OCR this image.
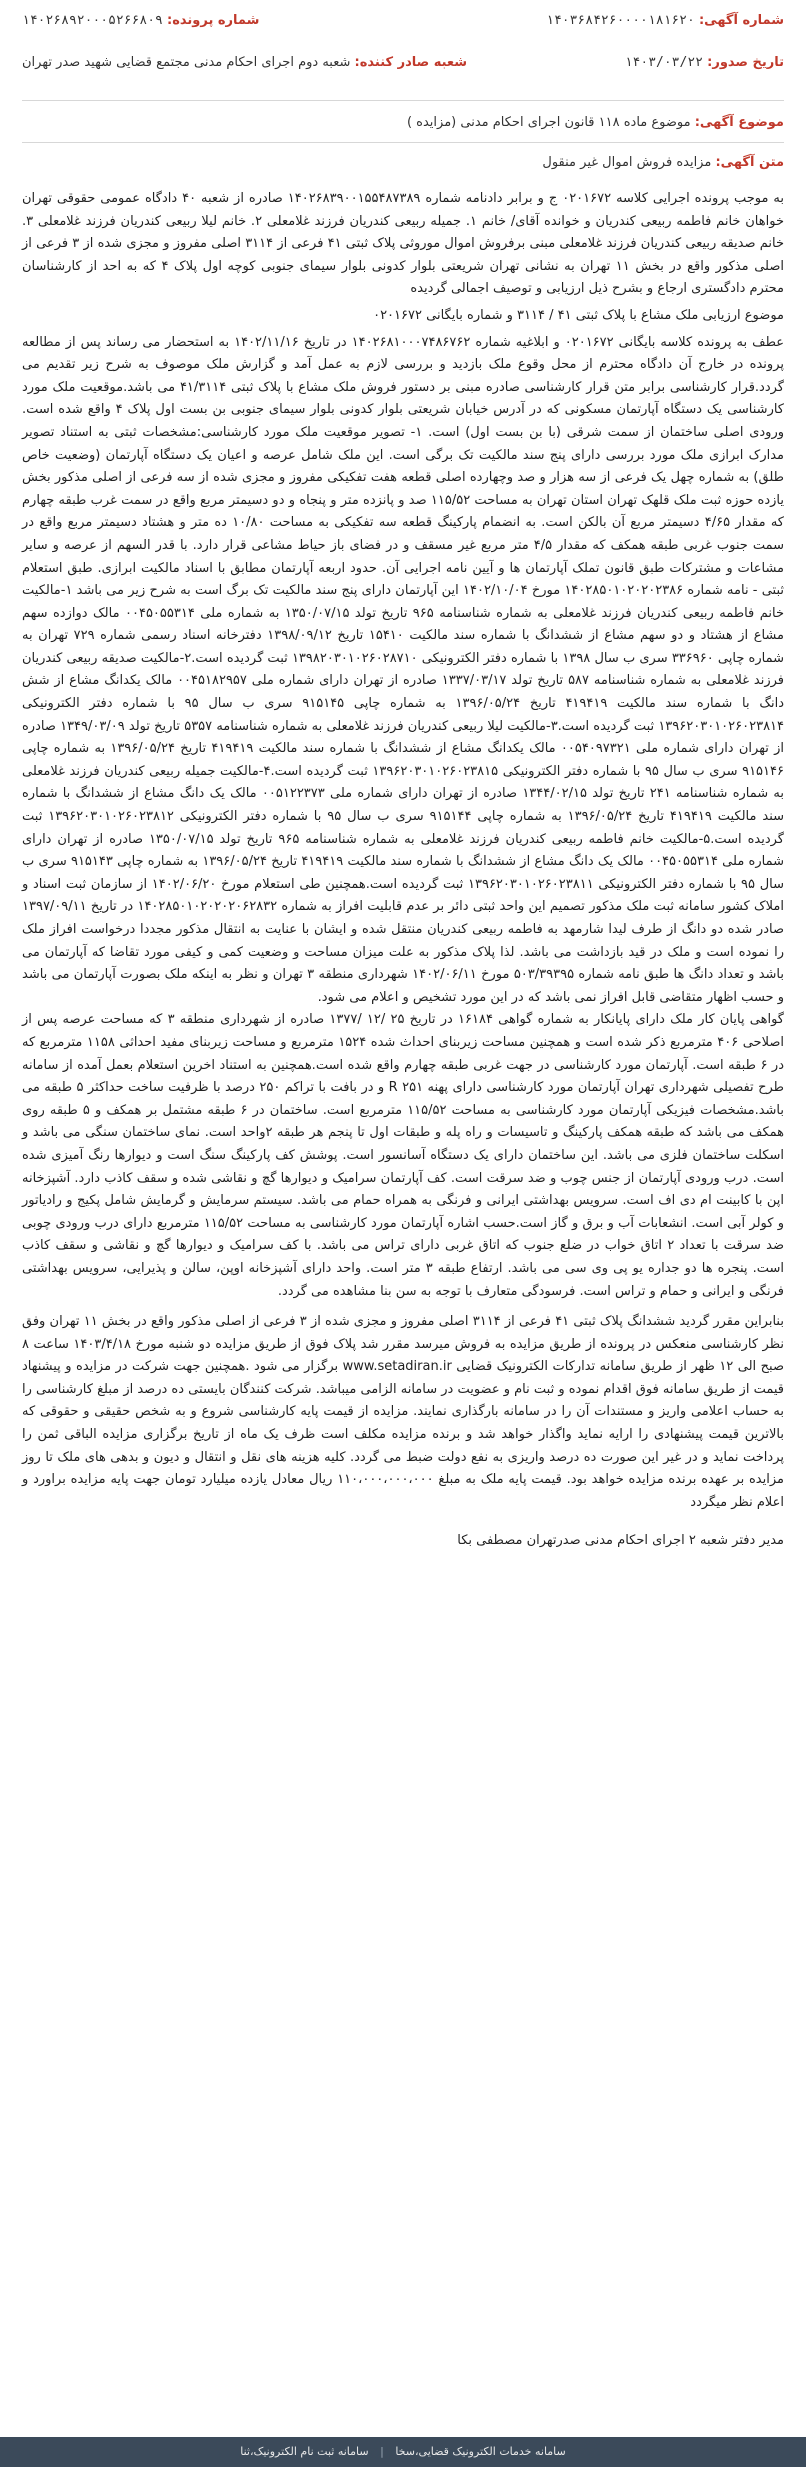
شماره آگهی: ۱۴۰۳۶۸۴۲۶۰۰۰۰۱۸۱۶۲۰
شماره پرونده: ۱۴۰۲۶۸۹۲۰۰۰۵۲۶۶۸۰۹
تاریخ صدور: ۱۴۰۳/۰۳/۲۲
شعبه صادر کننده: شعبه دوم اجرای احکام مدنی مجتمع قضایی شهید صدر تهران
موضوع آگهی: موضوع ماده ۱۱۸ قانون اجرای احکام مدنی (مزایده )
متن آگهی: مزایده فروش اموال غیر منقول

به موجب پرونده اجرایی کلاسه ۰۲۰۱۶۷۲ ج و برابر دادنامه شماره ۱۴۰۲۶۸۳۹۰۰۱۵۵۴۸۷۳۸۹ صادره از شعبه ۴۰ دادگاه عمومی حقوقی تهران خواهان خانم فاطمه ربیعی کندریان و خوانده آقای/ خانم ۱. جمیله ربیعی کندریان فرزند غلامعلی ۲. خانم لیلا ربیعی کندریان فرزند غلامعلی ۳. خانم صدیقه ربیعی کندریان فرزند غلامعلی مبنی برفروش اموال موروثی پلاک ثبتی ۴۱ فرعی از ۳۱۱۴ اصلی مفروز و مجزی شده از ۳ فرعی از اصلی مذکور واقع در بخش ۱۱ تهران به نشانی تهران شریعتی بلوار کدونی بلوار سیمای جنوبی کوچه اول پلاک ۴ که به احد از کارشناسان محترم دادگستری ارجاع و بشرح ذیل ارزیابی و توصیف اجمالی گردیده

موضوع ارزیابی ملک مشاع با پلاک ثبتی ۴۱ / ۳۱۱۴ و شماره بایگانی ۰۲۰۱۶۷۲

عطف به پرونده کلاسه بایگانی ۰۲۰۱۶۷۲ و ابلاغیه شماره ۱۴۰۲۶۸۱۰۰۰۷۴۸۶۷۶۲ در تاریخ ۱۴۰۲/۱۱/۱۶ به استحضار می رساند پس از مطالعه پرونده در خارج آن دادگاه محترم از محل وقوع ملک بازدید و بررسی لازم به عمل آمد و گزارش ملک موصوف به شرح زیر تقدیم می گردد.قرار کارشناسی برابر متن قرار کارشناسی صادره مبنی بر دستور فروش ملک مشاع با پلاک ثبتی ۴۱/۳۱۱۴ می باشد.موقعیت ملک مورد کارشناسی یک دستگاه آپارتمان مسکونی که در آدرس خیابان شریعتی بلوار کدونی بلوار سیمای جنوبی بن بست اول پلاک ۴ واقع شده است. ورودی اصلی ساختمان از سمت شرقی (با بن بست اول) است. ۱- تصویر موقعیت ملک مورد کارشناسی:مشخصات ثبتی به استناد تصویر مدارک ابرازی ملک مورد بررسی دارای پنج سند مالکیت تک برگی است. این ملک شامل عرصه و اعیان یک دستگاه آپارتمان (وضعیت خاص طلق) به شماره چهل یک فرعی از سه هزار و صد وچهارده اصلی قطعه هفت تفکیکی مفروز و مجزی شده از سه فرعی از اصلی مذکور بخش یازده حوزه ثبت ملک قلهک تهران استان تهران به مساحت ۱۱۵/۵۲ صد و پانزده متر و پنجاه و دو دسیمتر مربع واقع در سمت غرب طبقه چهارم که مقدار ۴/۶۵ دسیمتر مربع آن بالکن است. به انضمام پارکینگ قطعه سه تفکیکی به مساحت ۱۰/۸۰ ده متر و هشتاد دسیمتر مربع واقع در سمت جنوب غربی طبقه همکف که مقدار ۴/۵ متر مربع غیر مسقف و در فضای باز حیاط مشاعی قرار دارد. با قدر السهم از عرصه و سایر مشاعات و مشترکات طبق قانون تملک آپارتمان ها و آیین نامه اجرایی آن. حدود اربعه آپارتمان مطابق با اسناد مالکیت ابرازی. طبق استعلام ثبتی - نامه شماره ۱۴۰۲۸۵۰۱۰۲۰۲۰۲۳۸۶ مورخ ۱۴۰۲/۱۰/۰۴ این آپارتمان دارای پنج سند مالکیت تک برگ است به شرح زیر می باشد ۱-مالکیت خانم فاطمه ربیعی کندریان فرزند غلامعلی به شماره شناسنامه ۹۶۵ تاریخ تولد ۱۳۵۰/۰۷/۱۵ به شماره ملی ۰۰۴۵۰۵۵۳۱۴ مالک دوازده سهم مشاع از هشتاد و دو سهم مشاع از ششدانگ با شماره سند مالکیت ۱۵۴۱۰ تاریخ ۱۳۹۸/۰۹/۱۲ دفترخانه اسناد رسمی شماره ۷۲۹ تهران به شماره چاپی ۳۳۶۹۶۰ سری ب سال ۱۳۹۸ با شماره دفتر الکترونیکی ۱۳۹۸۲۰۳۰۱۰۲۶۰۲۸۷۱۰ ثبت گردیده است.۲-مالکیت صدیقه ربیعی کندریان فرزند غلامعلی به شماره شناسنامه ۵۸۷ تاریخ تولد ۱۳۳۷/۰۳/۱۷ صادره از تهران دارای شماره ملی ۰۰۴۵۱۸۲۹۵۷ مالک یکدانگ مشاع از شش دانگ با شماره سند مالکیت ۴۱۹۴۱۹ تاریخ ۱۳۹۶/۰۵/۲۴ به شماره چاپی ۹۱۵۱۴۵ سری ب سال ۹۵ با شماره دفتر الکترونیکی ۱۳۹۶۲۰۳۰۱۰۲۶۰۲۳۸۱۴ ثبت گردیده است.۳-مالکیت لیلا ربیعی کندریان فرزند غلامعلی به شماره شناسنامه ۵۳۵۷ تاریخ تولد ۱۳۴۹/۰۳/۰۹ صادره از تهران دارای شماره ملی ۰۰۵۴۰۹۷۳۲۱ مالک یکدانگ مشاع از ششدانگ با شماره سند مالکیت ۴۱۹۴۱۹ تاریخ ۱۳۹۶/۰۵/۲۴ به شماره چاپی ۹۱۵۱۴۶ سری ب سال ۹۵ با شماره دفتر الکترونیکی ۱۳۹۶۲۰۳۰۱۰۲۶۰۲۳۸۱۵ ثبت گردیده است.۴-مالکیت جمیله ربیعی کندریان فرزند غلامعلی به شماره شناسنامه ۲۴۱ تاریخ تولد ۱۳۴۴/۰۲/۱۵ صادره از تهران دارای شماره ملی ۰۰۵۱۲۲۳۷۳ مالک یک دانگ مشاع از ششدانگ با شماره سند مالکیت ۴۱۹۴۱۹ تاریخ ۱۳۹۶/۰۵/۲۴ به شماره چاپی ۹۱۵۱۴۴ سری ب سال ۹۵ با شماره دفتر الکترونیکی ۱۳۹۶۲۰۳۰۱۰۲۶۰۲۳۸۱۲ ثبت گردیده است.۵-مالکیت خانم فاطمه ربیعی کندریان فرزند غلامعلی به شماره شناسنامه ۹۶۵ تاریخ تولد ۱۳۵۰/۰۷/۱۵ صادره از تهران دارای شماره ملی ۰۰۴۵۰۵۵۳۱۴ مالک یک دانگ مشاع از ششدانگ با شماره سند مالکیت ۴۱۹۴۱۹ تاریخ ۱۳۹۶/۰۵/۲۴ به شماره چاپی ۹۱۵۱۴۳ سری ب سال ۹۵ با شماره دفتر الکترونیکی ۱۳۹۶۲۰۳۰۱۰۲۶۰۲۳۸۱۱ ثبت گردیده است.همچنین طی استعلام مورخ ۱۴۰۲/۰۶/۲۰ از سازمان ثبت اسناد و املاک کشور سامانه ثبت ملک مذکور تصمیم این واحد ثبتی دائر بر عدم قابلیت افراز به شماره ۱۴۰۲۸۵۰۱۰۲۰۲۰۲۰۶۲۸۳۲ در تاریخ ۱۳۹۷/۰۹/۱۱ صادر شده دو دانگ از طرف لیدا شارمهد به فاطمه ربیعی کندریان منتقل شده و ایشان با عنایت به انتقال مذکور مجددا درخواست افراز ملک را نموده است و ملک در قید بازداشت می باشد. لذا پلاک مذکور به علت میزان مساحت و وضعیت کمی و کیفی مورد تقاضا که آپارتمان می باشد و تعداد دانگ ها طبق نامه شماره ۵۰۳/۳۹۳۹۵ مورخ ۱۴۰۲/۰۶/۱۱ شهرداری منطقه ۳ تهران و نظر به اینکه ملک بصورت آپارتمان می باشد و حسب اظهار متقاضی قابل افراز نمی باشد که در این مورد تشخیص و اعلام می شود.

گواهی پایان کار ملک دارای پایانکار به شماره گواهی ۱۶۱۸۴ در تاریخ ۲۵ /۱۲ /۱۳۷۷ صادره از شهرداری منطقه ۳ که مساحت عرصه پس از اصلاحی ۴۰۶ مترمربع ذکر شده است و همچنین مساحت زیربنای احداث شده ۱۵۲۴ مترمربع و مساحت زیربنای مفید احداثی ۱۱۵۸ مترمربع که در ۶ طبقه است. آپارتمان مورد کارشناسی در جهت غربی طبقه چهارم واقع شده است.همچنین به استناد اخرین استعلام بعمل آمده از سامانه طرح تفصیلی شهرداری تهران آپارتمان مورد کارشناسی دارای پهنه ۲۵۱ R و در بافت با تراکم ۲۵۰ درصد با ظرفیت ساخت حداکثر ۵ طبقه می باشد.مشخصات فیزیکی آپارتمان مورد کارشناسی به مساحت ۱۱۵/۵۲ مترمربع است. ساختمان در ۶ طبقه مشتمل بر همکف و ۵ طبقه روی همکف می باشد که طبقه همکف پارکینگ و تاسیسات و راه پله و طبقات اول تا پنجم هر طبقه ۲واحد است. نمای ساختمان سنگی می باشد و اسکلت ساختمان فلزی می باشد. این ساختمان دارای یک دستگاه آسانسور است. پوشش کف پارکینگ سنگ است و دیوارها رنگ آمیزی شده است. درب ورودی آپارتمان از جنس چوب و ضد سرقت است. کف آپارتمان سرامیک و دیوارها گچ و نقاشی شده و سقف کاذب دارد. آشپزخانه اپن با کابینت ام دی اف است. سرویس بهداشتی ایرانی و فرنگی به همراه حمام می باشد. سیستم سرمایش و گرمایش شامل پکیج و رادیاتور و کولر آبی است. انشعابات آب و برق و گاز است.حسب اشاره آپارتمان مورد کارشناسی به مساحت ۱۱۵/۵۲ مترمربع دارای درب ورودی چوبی ضد سرقت با تعداد ۲ اتاق خواب در ضلع جنوب که اتاق غربی دارای تراس می باشد. با کف سرامیک و دیوارها گچ و نقاشی و سقف کاذب است. پنجره ها دو جداره یو پی وی سی می باشد. ارتفاع طبقه ۳ متر است. واحد دارای آشپزخانه اوپن، سالن و پذیرایی، سرویس بهداشتی فرنگی و ایرانی و حمام و تراس است. فرسودگی متعارف با توجه به سن بنا مشاهده می گردد.

بنابراین مقرر گردید ششدانگ پلاک ثبتی ۴۱ فرعی از ۳۱۱۴ اصلی مفروز و مجزی شده از ۳ فرعی از اصلی مذکور واقع در بخش ۱۱ تهران وفق نظر کارشناسی منعکس در پرونده از طریق مزایده به فروش میرسد مقرر شد پلاک فوق از طریق مزایده دو شنبه مورخ ۱۴۰۳/۴/۱۸ ساعت ۸ صبح الی ۱۲ ظهر از طریق سامانه تدارکات الکترونیک قضایی www.setadiran.ir برگزار می شود .همچنین جهت شرکت در مزایده و پیشنهاد قیمت از طریق سامانه فوق اقدام نموده و ثبت نام و عضویت در سامانه الزامی میباشد. شرکت کنندگان بایستی ده درصد از مبلغ کارشناسی را به حساب اعلامی واریز و مستندات آن را در سامانه بارگذاری نمایند. مزایده از قیمت پایه کارشناسی شروع و به شخص حقیقی و حقوقی که بالاترین قیمت پیشنهادی را ارایه نماید واگذار خواهد شد و برنده مزایده مکلف است ظرف یک ماه از تاریخ برگزاری مزایده الباقی ثمن را پرداخت نماید و در غیر این صورت ده درصد واریزی به نفع دولت ضبط می گردد. کلیه هزینه های نقل و انتقال و دیون و بدهی های ملک تا روز مزایده بر عهده برنده مزایده خواهد بود. قیمت پایه ملک به مبلغ ۱۱۰،۰۰۰،۰۰۰،۰۰۰ ریال معادل یازده میلیارد تومان جهت پایه مزایده براورد و اعلام نظر میگردد

مدیر دفتر شعبه ۲ اجرای احکام مدنی صدرتهران مصطفی بکا

سامانه خدمات الکترونیک قضایی،سخا | سامانه ثبت نام الکترونیک،ثنا
